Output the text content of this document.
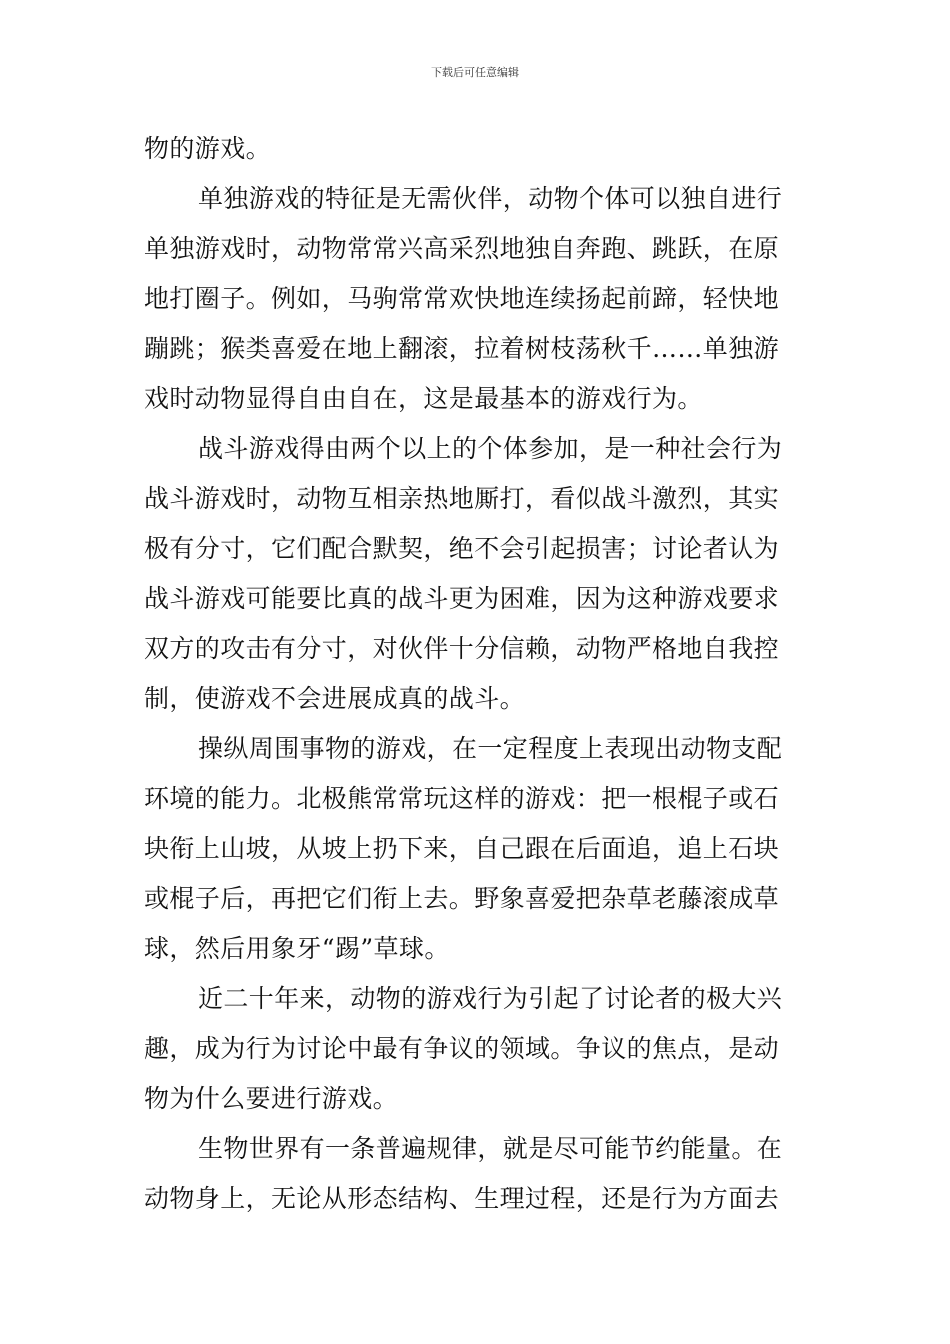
下载后可任意编辑
物的游戏。
单独游戏的特征是无需伙伴，动物个体可以独自进行
单独游戏时，动物常常兴高采烈地独自奔跑、跳跃，在原
地打圈子。例如，马驹常常欢快地连续扬起前蹄，轻快地
蹦跳；猴类喜爱在地上翻滚，拉着树枝荡秋千……单独游
戏时动物显得自由自在，这是最基本的游戏行为。
战斗游戏得由两个以上的个体参加，是一种社会行为
战斗游戏时，动物互相亲热地厮打，看似战斗激烈，其实
极有分寸，它们配合默契，绝不会引起损害；讨论者认为
战斗游戏可能要比真的战斗更为困难，因为这种游戏要求
双方的攻击有分寸，对伙伴十分信赖，动物严格地自我控
制，使游戏不会进展成真的战斗。
操纵周围事物的游戏，在一定程度上表现出动物支配
环境的能力。北极熊常常玩这样的游戏：把一根棍子或石
块衔上山坡，从坡上扔下来，自己跟在后面追，追上石块
或棍子后，再把它们衔上去。野象喜爱把杂草老藤滚成草
球，然后用象牙“踢”草球。
近二十年来，动物的游戏行为引起了讨论者的极大兴
趣，成为行为讨论中最有争议的领域。争议的焦点，是动
物为什么要进行游戏。
生物世界有一条普遍规律，就是尽可能节约能量。在
动物身上，无论从形态结构、生理过程，还是行为方面去
